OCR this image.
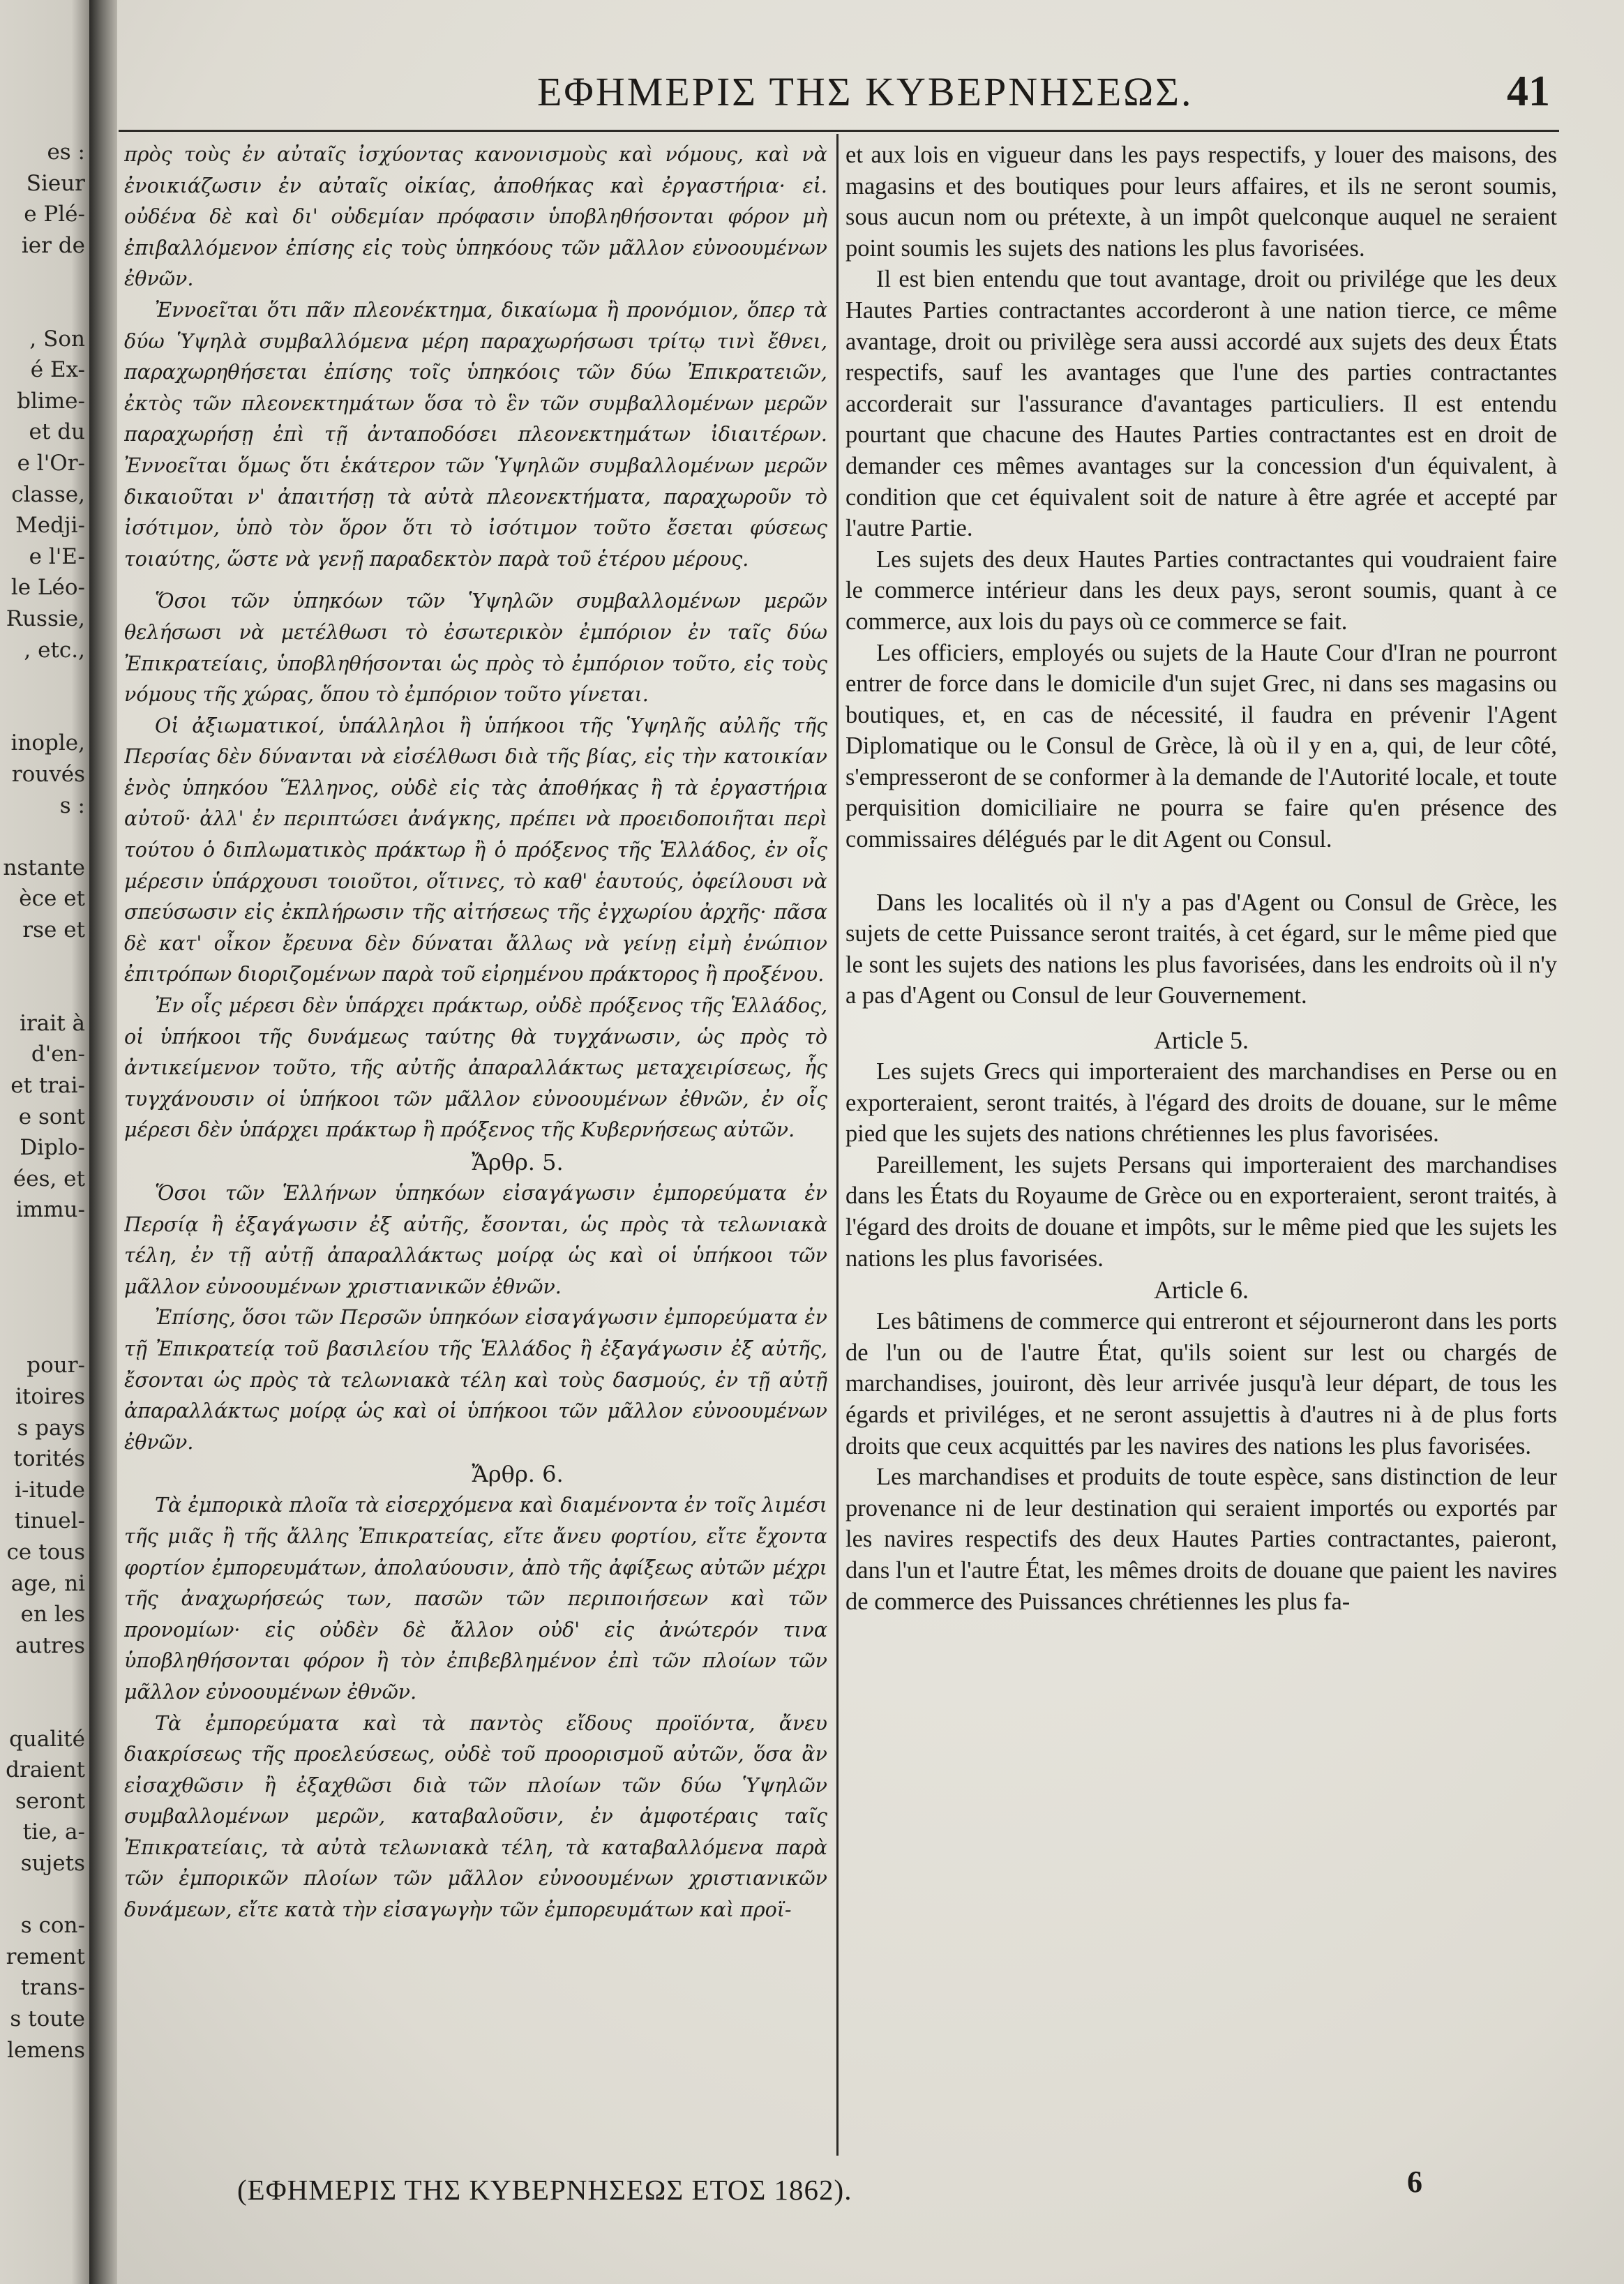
es :
Sieur
e Plé-
ier de
, Son
é Ex-
blime-
et du
e l'Or-
classe,
Medji-
e l'E-
le Léo-
Russie,
, etc.,
inople,
rouvés
s :
nstante
èce et
rse et
irait à
d'en-
et trai-
e sont
Diplo-
ées, et
immu-
pour-
itoires
s pays
torités
i-itude
tinuel-
ce tous
age, ni
en les
autres
qualité
draient
seront
tie, a-
sujets
s con-
rement
trans-
s toute
lemens
ΕΦΗΜΕΡΙΣ ΤΗΣ ΚΥΒΕΡΝΗΣΕΩΣ.	41

πρὸς τοὺς ἐν αὐταῖς ἰσχύοντας κανονισμοὺς καὶ νόμους, καὶ νὰ ἐνοικιάζωσιν ἐν αὐταῖς οἰκίας, ἀποθήκας καὶ ἐργαστήρια· εἰ. οὐδένα δὲ καὶ δι' οὐδεμίαν πρόφασιν ὑποβληθήσονται φόρον μὴ ἐπιβαλλόμενον ἐπίσης εἰς τοὺς ὑπηκόους τῶν μᾶλλον εὐνοουμένων ἐθνῶν.

Ἐννοεῖται ὅτι πᾶν πλεονέκτημα, δικαίωμα ἢ προνόμιον, ὅπερ τὰ δύω Ὑψηλὰ συμβαλλόμενα μέρη παραχωρήσωσι τρίτῳ τινὶ ἔθνει, παραχωρηθήσεται ἐπίσης τοῖς ὑπηκόοις τῶν δύω Ἐπικρατειῶν, ἐκτὸς τῶν πλεονεκτημάτων ὅσα τὸ ἓν τῶν συμβαλλομένων μερῶν παραχωρήσῃ ἐπὶ τῇ ἀνταποδόσει πλεονεκτημάτων ἰδιαιτέρων. Ἐννοεῖται ὅμως ὅτι ἑκάτερον τῶν Ὑψηλῶν συμβαλλομένων μερῶν δικαιοῦται ν' ἀπαιτήσῃ τὰ αὐτὰ πλεονεκτήματα, παραχωροῦν τὸ ἰσότιμον, ὑπὸ τὸν ὅρον ὅτι τὸ ἰσότιμον τοῦτο ἔσεται φύσεως τοιαύτης, ὥστε νὰ γενῇ παραδεκτὸν παρὰ τοῦ ἑτέρου μέρους.

Ὅσοι τῶν ὑπηκόων τῶν Ὑψηλῶν συμβαλλομένων μερῶν θελήσωσι νὰ μετέλθωσι τὸ ἐσωτερικὸν ἐμπόριον ἐν ταῖς δύω Ἐπικρατείαις, ὑποβληθήσονται ὡς πρὸς τὸ ἐμπόριον τοῦτο, εἰς τοὺς νόμους τῆς χώρας, ὅπου τὸ ἐμπόριον τοῦτο γίνεται.

Οἱ ἀξιωματικοί, ὑπάλληλοι ἢ ὑπήκοοι τῆς Ὑψηλῆς αὐλῆς τῆς Περσίας δὲν δύνανται νὰ εἰσέλθωσι διὰ τῆς βίας, εἰς τὴν κατοικίαν ἑνὸς ὑπηκόου Ἕλληνος, οὐδὲ εἰς τὰς ἀποθήκας ἢ τὰ ἐργαστήρια αὐτοῦ· ἀλλ' ἐν περιπτώσει ἀνάγκης, πρέπει νὰ προειδοποιῆται περὶ τούτου ὁ διπλωματικὸς πράκτωρ ἢ ὁ πρόξενος τῆς Ἑλλάδος, ἐν οἷς μέρεσιν ὑπάρχουσι τοιοῦτοι, οἵτινες, τὸ καθ' ἑαυτούς, ὀφείλουσι νὰ σπεύσωσιν εἰς ἐκπλήρωσιν τῆς αἰτήσεως τῆς ἐγχωρίου ἀρχῆς· πᾶσα δὲ κατ' οἶκον ἔρευνα δὲν δύναται ἄλλως νὰ γείνῃ εἰμὴ ἐνώπιον ἐπιτρόπων διοριζομένων παρὰ τοῦ εἰρημένου πράκτορος ἢ προξένου.

Ἐν οἷς μέρεσι δὲν ὑπάρχει πράκτωρ, οὐδὲ πρόξενος τῆς Ἑλλάδος, οἱ ὑπήκοοι τῆς δυνάμεως ταύτης θὰ τυγχάνωσιν, ὡς πρὸς τὸ ἀντικείμενον τοῦτο, τῆς αὐτῆς ἀπαραλλάκτως μεταχειρίσεως, ἧς τυγχάνουσιν οἱ ὑπήκοοι τῶν μᾶλλον εὐνοουμένων ἐθνῶν, ἐν οἷς μέρεσι δὲν ὑπάρχει πράκτωρ ἢ πρόξενος τῆς Κυβερνήσεως αὐτῶν.

Ἄρθρ. 5.

Ὅσοι τῶν Ἑλλήνων ὑπηκόων εἰσαγάγωσιν ἐμπορεύματα ἐν Περσίᾳ ἢ ἐξαγάγωσιν ἐξ αὐτῆς, ἔσονται, ὡς πρὸς τὰ τελωνιακὰ τέλη, ἐν τῇ αὐτῇ ἀπαραλλάκτως μοίρᾳ ὡς καὶ οἱ ὑπήκοοι τῶν μᾶλλον εὐνοουμένων χριστιανικῶν ἐθνῶν.

Ἐπίσης, ὅσοι τῶν Περσῶν ὑπηκόων εἰσαγάγωσιν ἐμπορεύματα ἐν τῇ Ἐπικρατείᾳ τοῦ βασιλείου τῆς Ἑλλάδος ἢ ἐξαγάγωσιν ἐξ αὐτῆς, ἔσονται ὡς πρὸς τὰ τελωνιακὰ τέλη καὶ τοὺς δασμούς, ἐν τῇ αὐτῇ ἀπαραλλάκτως μοίρᾳ ὡς καὶ οἱ ὑπήκοοι τῶν μᾶλλον εὐνοουμένων ἐθνῶν.

Ἄρθρ. 6.

Τὰ ἐμπορικὰ πλοῖα τὰ εἰσερχόμενα καὶ διαμένοντα ἐν τοῖς λιμέσι τῆς μιᾶς ἢ τῆς ἄλλης Ἐπικρατείας, εἴτε ἄνευ φορτίου, εἴτε ἔχοντα φορτίον ἐμπορευμάτων, ἀπολαύουσιν, ἀπὸ τῆς ἀφίξεως αὐτῶν μέχρι τῆς ἀναχωρήσεώς των, πασῶν τῶν περιποιήσεων καὶ τῶν προνομίων· εἰς οὐδὲν δὲ ἄλλον οὐδ' εἰς ἀνώτερόν τινα ὑποβληθήσονται φόρον ἢ τὸν ἐπιβεβλημένον ἐπὶ τῶν πλοίων τῶν μᾶλλον εὐνοουμένων ἐθνῶν.

Τὰ ἐμπορεύματα καὶ τὰ παντὸς εἴδους προϊόντα, ἄνευ διακρίσεως τῆς προελεύσεως, οὐδὲ τοῦ προορισμοῦ αὐτῶν, ὅσα ἂν εἰσαχθῶσιν ἢ ἐξαχθῶσι διὰ τῶν πλοίων τῶν δύω Ὑψηλῶν συμβαλλομένων μερῶν, καταβαλοῦσιν, ἐν ἀμφοτέραις ταῖς Ἐπικρατείαις, τὰ αὐτὰ τελωνιακὰ τέλη, τὰ καταβαλλόμενα παρὰ τῶν ἐμπορικῶν πλοίων τῶν μᾶλλον εὐνοουμένων χριστιανικῶν δυνάμεων, εἴτε κατὰ τὴν εἰσαγωγὴν τῶν ἐμπορευμάτων καὶ προϊ-

et aux lois en vigueur dans les pays respectifs, y louer des maisons, des magasins et des boutiques pour leurs affaires, et ils ne seront soumis, sous aucun nom ou prétexte, à un impôt quelconque auquel ne seraient point soumis les sujets des nations les plus favorisées.

Il est bien entendu que tout avantage, droit ou privilége que les deux Hautes Parties contractantes accorderont à une nation tierce, ce même avantage, droit ou privilège sera aussi accordé aux sujets des deux États respectifs, sauf les avantages que l'une des parties contractantes accorderait sur l'assurance d'avantages particuliers. Il est entendu pourtant que chacune des Hautes Parties contractantes est en droit de demander ces mêmes avantages sur la concession d'un équivalent, à condition que cet équivalent soit de nature à être agrée et accepté par l'autre Partie.

Les sujets des deux Hautes Parties contractantes qui voudraient faire le commerce intérieur dans les deux pays, seront soumis, quant à ce commerce, aux lois du pays où ce commerce se fait.

Les officiers, employés ou sujets de la Haute Cour d'Iran ne pourront entrer de force dans le domicile d'un sujet Grec, ni dans ses magasins ou boutiques, et, en cas de nécessité, il faudra en prévenir l'Agent Diplomatique ou le Consul de Grèce, là où il y en a, qui, de leur côté, s'empresseront de se conformer à la demande de l'Autorité locale, et toute perquisition domiciliaire ne pourra se faire qu'en présence des commissaires délégués par le dit Agent ou Consul.

Dans les localités où il n'y a pas d'Agent ou Consul de Grèce, les sujets de cette Puissance seront traités, à cet égard, sur le même pied que le sont les sujets des nations les plus favorisées, dans les endroits où il n'y a pas d'Agent ou Consul de leur Gouvernement.

Article 5.

Les sujets Grecs qui importeraient des marchandises en Perse ou en exporteraient, seront traités, à l'égard des droits de douane, sur le même pied que les sujets des nations chrétiennes les plus favorisées.

Pareillement, les sujets Persans qui importeraient des marchandises dans les États du Royaume de Grèce ou en exporteraient, seront traités, à l'égard des droits de douane et impôts, sur le même pied que les sujets les nations les plus favorisées.

Article 6.

Les bâtimens de commerce qui entreront et séjourneront dans les ports de l'un ou de l'autre État, qu'ils soient sur lest ou chargés de marchandises, jouiront, dès leur arrivée jusqu'à leur départ, de tous les égards et priviléges, et ne seront assujettis à d'autres ni à de plus forts droits que ceux acquittés par les navires des nations les plus favorisées.

Les marchandises et produits de toute espèce, sans distinction de leur provenance ni de leur destination qui seraient importés ou exportés par les navires respectifs des deux Hautes Parties contractantes, paieront, dans l'un et l'autre État, les mêmes droits de douane que paient les navires de commerce des Puissances chrétiennes les plus fa-

(ΕΦΗΜΕΡΙΣ ΤΗΣ ΚΥΒΕΡΝΗΣΕΩΣ ΕΤΟΣ 1862).	6
